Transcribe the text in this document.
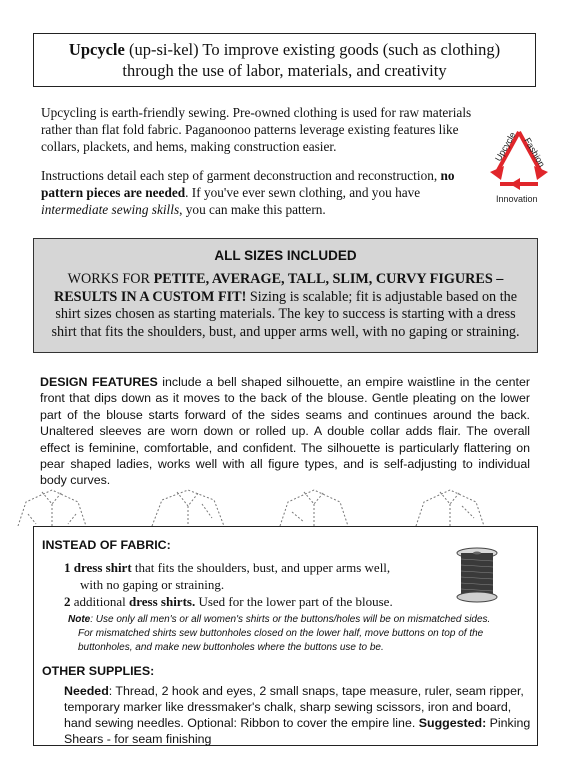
Upcycle (up-si-kel) To improve existing goods (such as clothing)
through the use of labor, materials, and creativity

Upcycling is earth-friendly sewing. Pre-owned clothing is used for raw materials rather than flat fold fabric. Paganoonoo patterns leverage existing features like collars, plackets, and hems, making construction easier.

Instructions detail each step of garment deconstruction and reconstruction, no pattern pieces are needed. If you've ever sewn clothing, and you have intermediate sewing skills, you can make this pattern.

Upcycle Fashion
Innovation
ALL SIZES INCLUDED
WORKS FOR PETITE, AVERAGE, TALL, SLIM, CURVY FIGURES – RESULTS IN A CUSTOM FIT! Sizing is scalable; fit is adjustable based on the shirt sizes chosen as starting materials. The key to success is starting with a dress shirt that fits the shoulders, bust, and upper arms well, with no gaping or straining.
DESIGN FEATURES include a bell shaped silhouette, an empire waistline in the center front that dips down as it moves to the back of the blouse. Gentle pleating on the lower part of the blouse starts forward of the sides seams and continues around the back. Unaltered sleeves are worn down or rolled up. A double collar adds flair. The overall effect is feminine, comfortable, and confident. The silhouette is particularly flattering on pear shaped ladies, works well with all figure types, and is self-adjusting to individual body curves.
INSTEAD OF FABRIC:
1 dress shirt that fits the shoulders, bust, and upper arms well,
with no gaping or straining.
2 additional dress shirts. Used for the lower part of the blouse.
Note: Use only all men's or all women's shirts or the buttons/holes will be on mismatched sides.
For mismatched shirts sew buttonholes closed on the lower half, move buttons on top of the buttonholes, and make new buttonholes where the buttons use to be.
OTHER SUPPLIES:
Needed: Thread, 2 hook and eyes, 2 small snaps, tape measure, ruler, seam ripper, temporary marker like dressmaker's chalk, sharp sewing scissors, iron and board, hand sewing needles. Optional: Ribbon to cover the empire line. Suggested: Pinking Shears - for seam finishing
